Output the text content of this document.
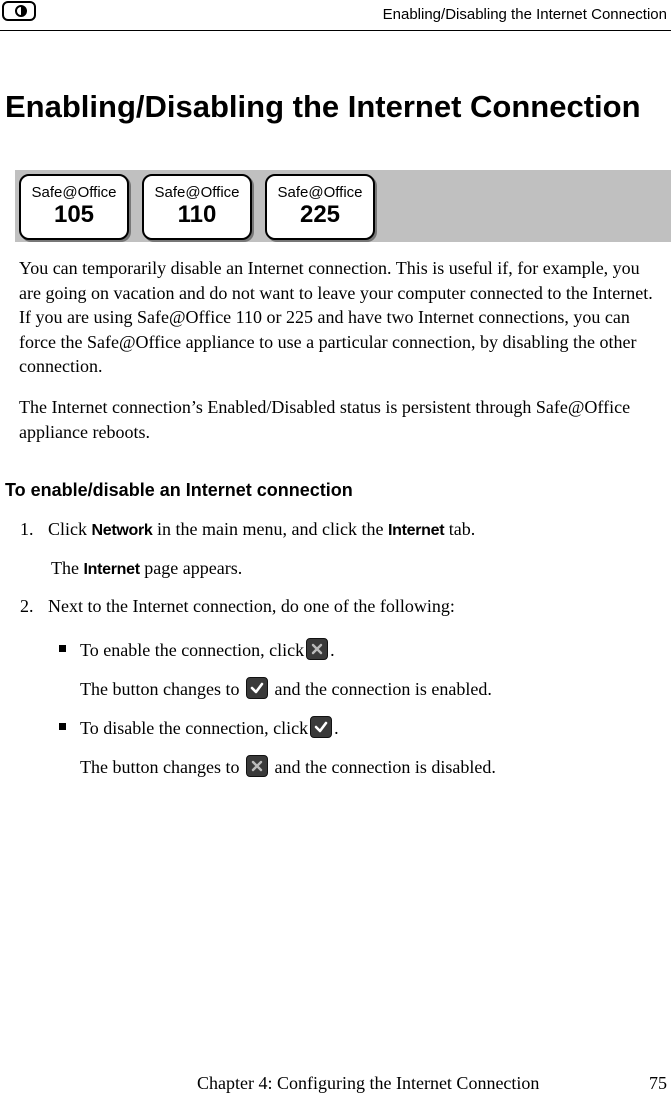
Enabling/Disabling the Internet Connection
Enabling/Disabling the Internet Connection
Safe@Office
105
Safe@Office
110
Safe@Office
225

You can temporarily disable an Internet connection. This is useful if, for example, you are going on vacation and do not want to leave your computer connected to the Internet. If you are using Safe@Office 110 or 225 and have two Internet connections, you can force the Safe@Office appliance to use a particular connection, by disabling the other connection.

The Internet connection’s Enabled/Disabled status is persistent through Safe@Office appliance reboots.

To enable/disable an Internet connection
1. Click Network in the main menu, and click the Internet tab.
The Internet page appears.
2. Next to the Internet connection, do one of the following:
To enable the connection, click .
The button changes to and the connection is enabled.
To disable the connection, click .
The button changes to and the connection is disabled.
Chapter 4: Configuring the Internet Connection	75
